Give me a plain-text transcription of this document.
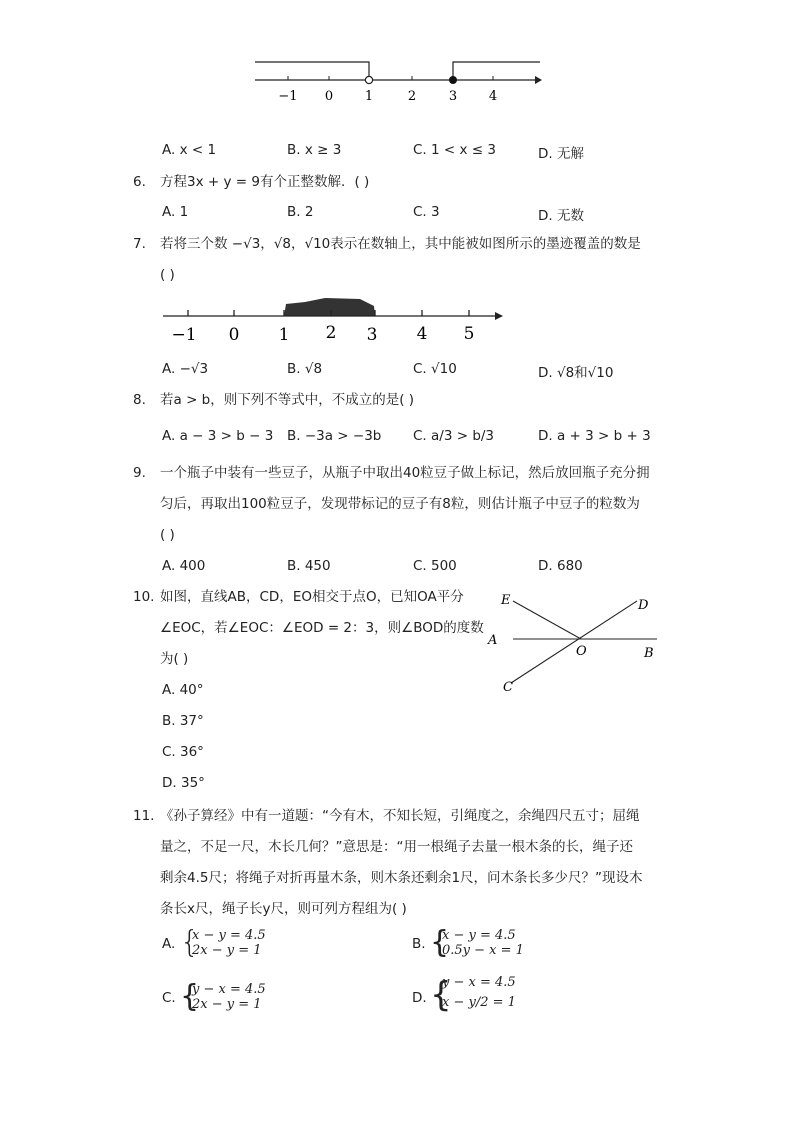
−1 0 1	2	3 4
A. x < 1	B. x ≥ 3	C. 1 < x ≤ 3	D. 无解
6. 方程3x + y = 9有个正整数解．( )
A. 1	B. 2	C. 3	D. 无数
7. 若将三个数 −√3，√8，√10表示在数轴上，其中能被如图所示的墨迹覆盖的数是
( )
−1 0 1 2 3 4 5
A. −√3	B. √8	C. √10	D. √8和√10
8. 若a > b，则下列不等式中，不成立的是( )
A. a − 3 > b − 3 B. −3a > −3b C. a/3 > b/3	D. a + 3 > b + 3
9. 一个瓶子中装有一些豆子，从瓶子中取出40粒豆子做上标记，然后放回瓶子充分拥
匀后，再取出100粒豆子，发现带标记的豆子有8粒，则估计瓶子中豆子的粒数为
( )
A. 400	B. 450	C. 500	D. 680
10. 如图，直线AB，CD，EO相交于点O，已知OA平分
∠EOC，若∠EOC：∠EOD = 2：3，则∠BOD的度数
为( )
E	D
A
O	B
C
A. 40°
B. 37°
C. 36°
D. 35°
11. 《孙子算经》中有一道题：“今有木，不知长短，引绳度之，余绳四尺五寸；屈绳
量之，不足一尺，木长几何？”意思是：“用一根绳子去量一根木条的长，绳子还
剩余4.5尺；将绳子对折再量木条，则木条还剩余1尺，问木条长多少尺？”现设木
条长x尺，绳子长y尺，则可列方程组为( )
A. {
x − y = 4.5
2x − y = 1	B. {
x − y = 4.5
0.5y − x = 1
C. {
y − x = 4.5
2x − y = 1	D. {
y − x = 4.5
x − y/2 = 1
